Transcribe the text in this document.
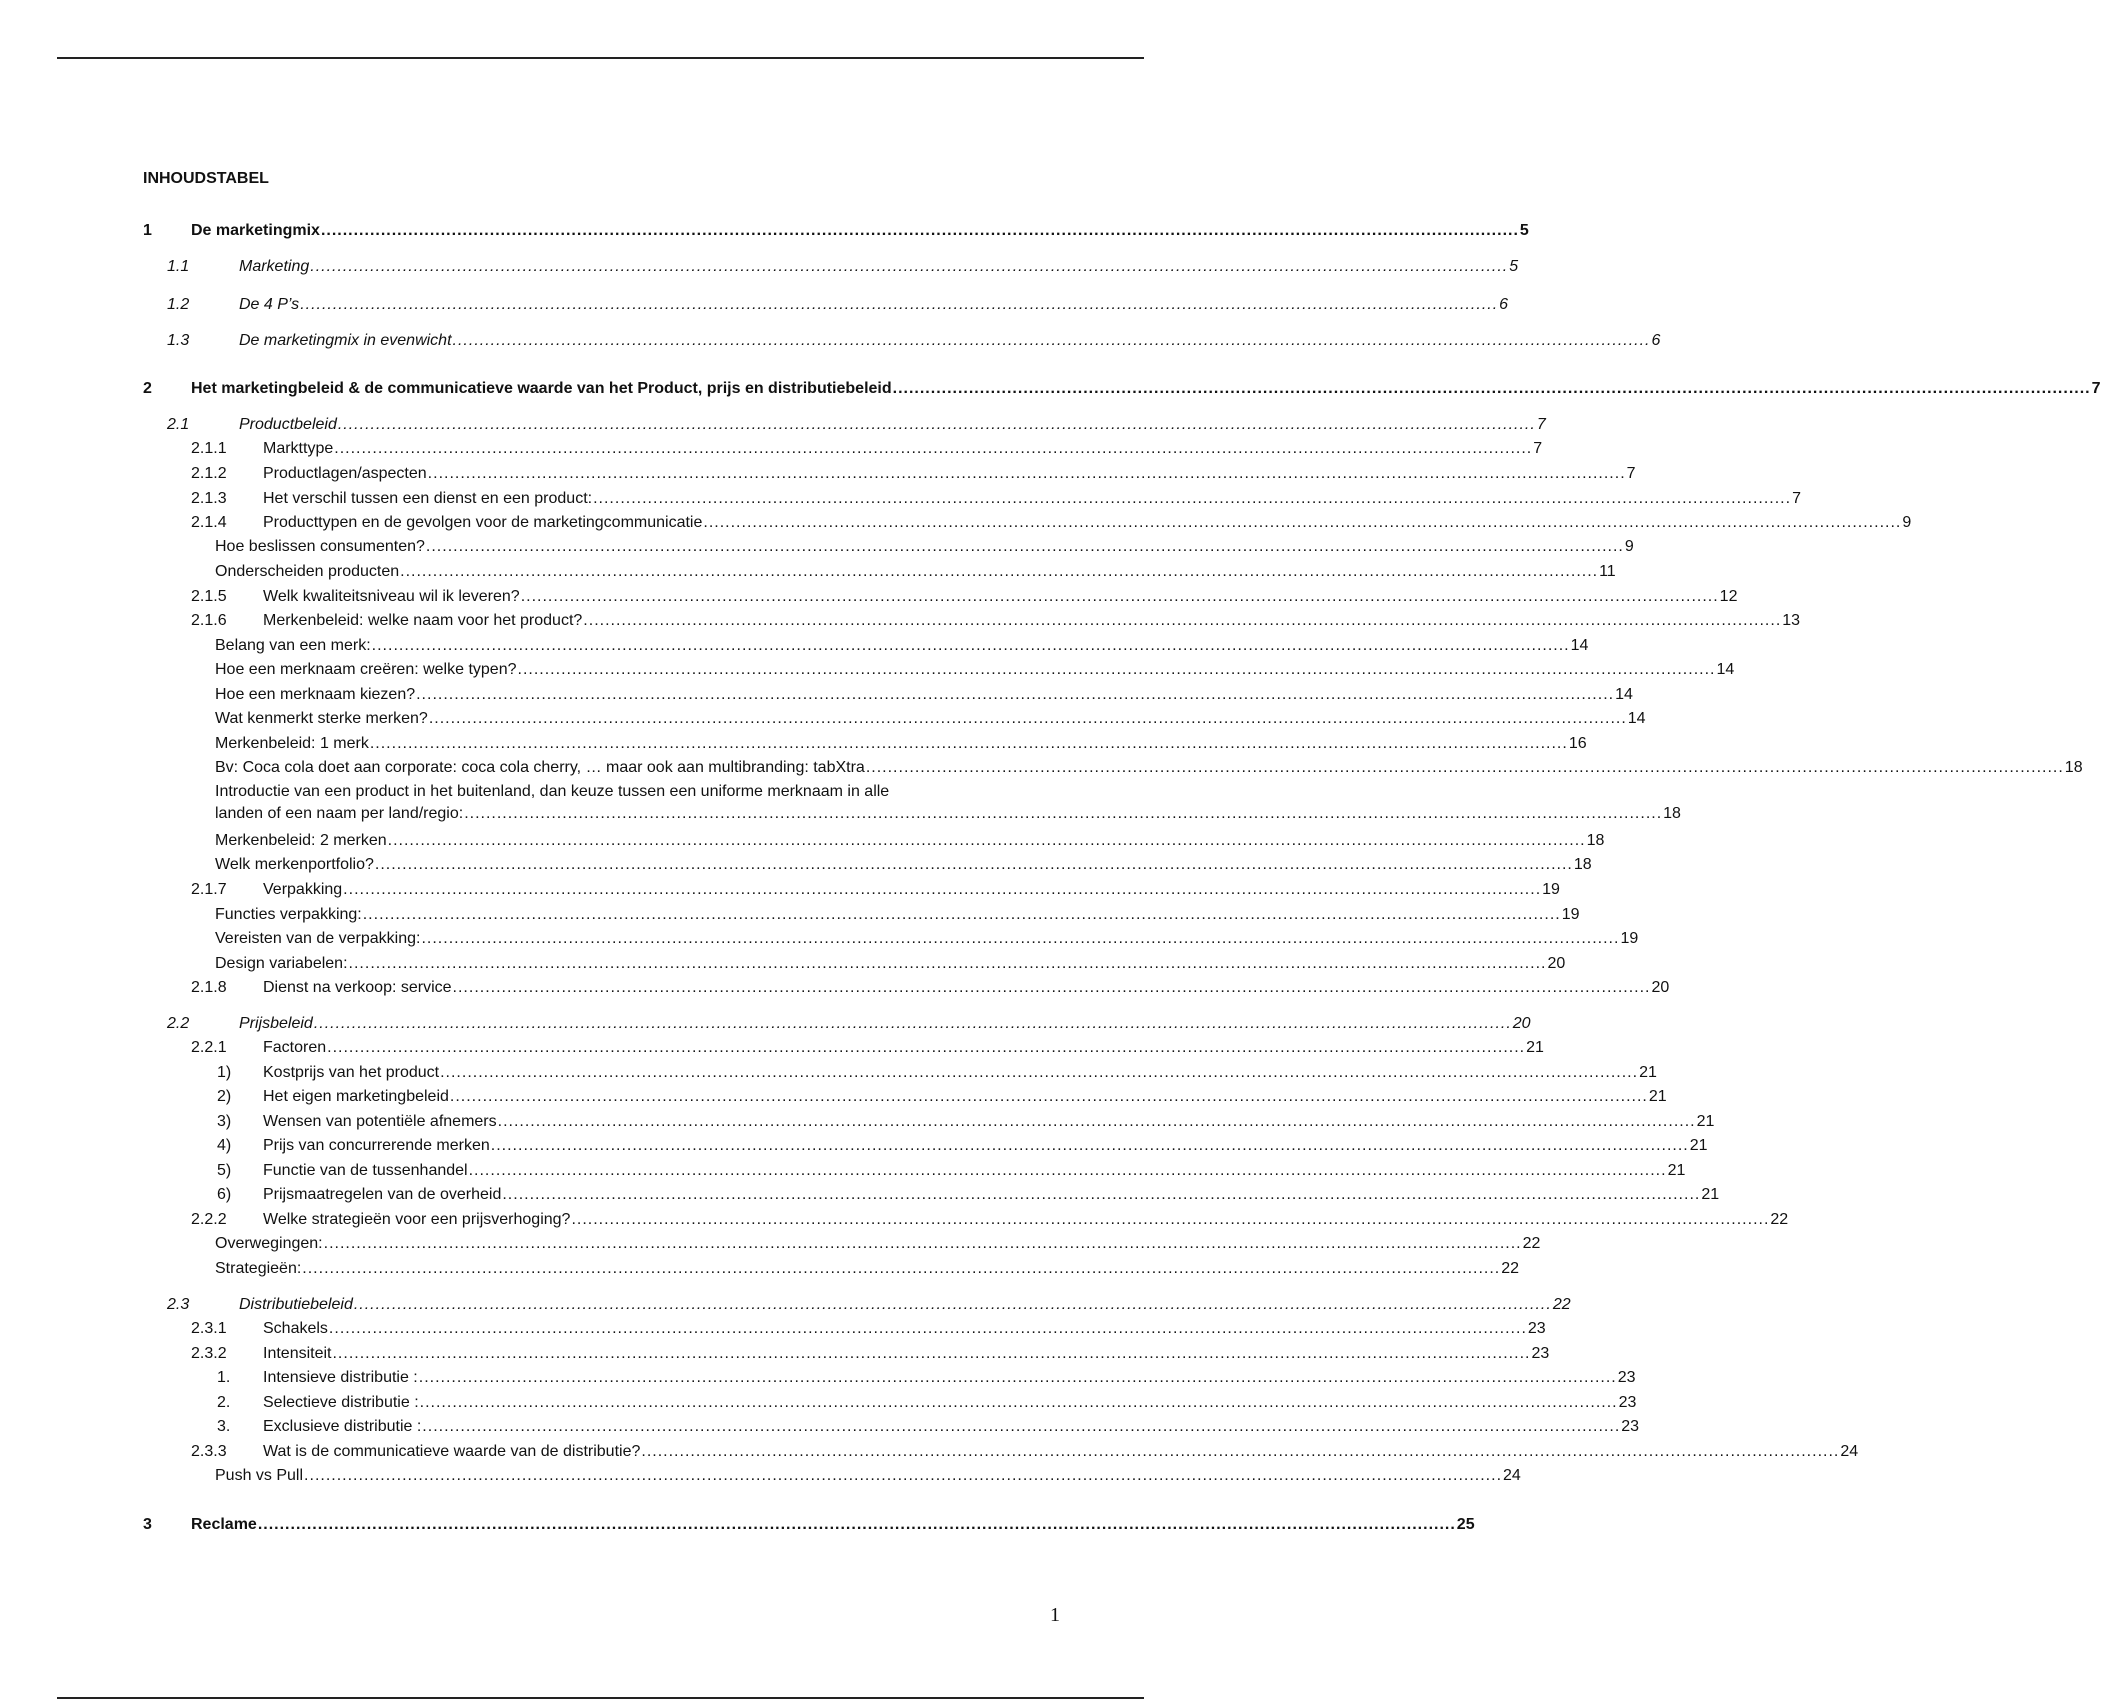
INHOUDSTABEL
1 De marketingmix ............................................................................................................................................................................................................................ 5
1.1	Marketing ............................................................................................................................................................................................................................ 5
1.2	De 4 P’s ............................................................................................................................................................................................................................ 6
1.3	De marketingmix in evenwicht ............................................................................................................................................................................................................................ 6
2 Het marketingbeleid & de communicatieve waarde van het Product, prijs en distributiebeleid ............................................................................................................................................................................................................................ 7
2.1	Productbeleid ............................................................................................................................................................................................................................ 7
2.1.1 Markttype ............................................................................................................................................................................................................................ 7
2.1.2 Productlagen/aspecten ............................................................................................................................................................................................................................ 7
2.1.3 Het verschil tussen een dienst en een product: ............................................................................................................................................................................................................................ 7
2.1.4 Producttypen en de gevolgen voor de marketingcommunicatie ............................................................................................................................................................................................................................ 9
Hoe beslissen consumenten? ............................................................................................................................................................................................................................ 9
Onderscheiden producten ............................................................................................................................................................................................................................ 11
2.1.5 Welk kwaliteitsniveau wil ik leveren? ............................................................................................................................................................................................................................ 12
2.1.6 Merkenbeleid: welke naam voor het product? ............................................................................................................................................................................................................................ 13
Belang van een merk: ............................................................................................................................................................................................................................ 14
Hoe een merknaam creëren: welke typen? ............................................................................................................................................................................................................................ 14
Hoe een merknaam kiezen? ............................................................................................................................................................................................................................ 14
Wat kenmerkt sterke merken? ............................................................................................................................................................................................................................ 14
Merkenbeleid: 1 merk ............................................................................................................................................................................................................................ 16
Bv: Coca cola doet aan corporate: coca cola cherry, … maar ook aan multibranding: tabXtra ............................................................................................................................................................................................................................ 18
Introductie van een product in het buitenland, dan keuze tussen een uniforme merknaam in alle
landen of een naam per land/regio: ............................................................................................................................................................................................................................ 18
Merkenbeleid: 2 merken ............................................................................................................................................................................................................................ 18
Welk merkenportfolio? ............................................................................................................................................................................................................................ 18
2.1.7 Verpakking ............................................................................................................................................................................................................................ 19
Functies verpakking: ............................................................................................................................................................................................................................ 19
Vereisten van de verpakking: ............................................................................................................................................................................................................................ 19
Design variabelen: ............................................................................................................................................................................................................................ 20
2.1.8 Dienst na verkoop: service ............................................................................................................................................................................................................................ 20
2.2	Prijsbeleid ............................................................................................................................................................................................................................ 20
2.2.1 Factoren ............................................................................................................................................................................................................................ 21
1) Kostprijs van het product ............................................................................................................................................................................................................................ 21
2) Het eigen marketingbeleid ............................................................................................................................................................................................................................ 21
3) Wensen van potentiële afnemers ............................................................................................................................................................................................................................ 21
4) Prijs van concurrerende merken ............................................................................................................................................................................................................................ 21
5) Functie van de tussenhandel ............................................................................................................................................................................................................................ 21
6) Prijsmaatregelen van de overheid ............................................................................................................................................................................................................................ 21
2.2.2 Welke strategieën voor een prijsverhoging? ............................................................................................................................................................................................................................ 22
Overwegingen: ............................................................................................................................................................................................................................ 22
Strategieën: ............................................................................................................................................................................................................................ 22
2.3	Distributiebeleid ............................................................................................................................................................................................................................ 22
2.3.1 Schakels ............................................................................................................................................................................................................................ 23
2.3.2 Intensiteit ............................................................................................................................................................................................................................ 23
1. Intensieve distributie : ............................................................................................................................................................................................................................ 23
2. Selectieve distributie : ............................................................................................................................................................................................................................ 23
3. Exclusieve distributie : ............................................................................................................................................................................................................................ 23
2.3.3 Wat is de communicatieve waarde van de distributie? ............................................................................................................................................................................................................................ 24
Push vs Pull ............................................................................................................................................................................................................................ 24
3 Reclame ............................................................................................................................................................................................................................ 25
1
